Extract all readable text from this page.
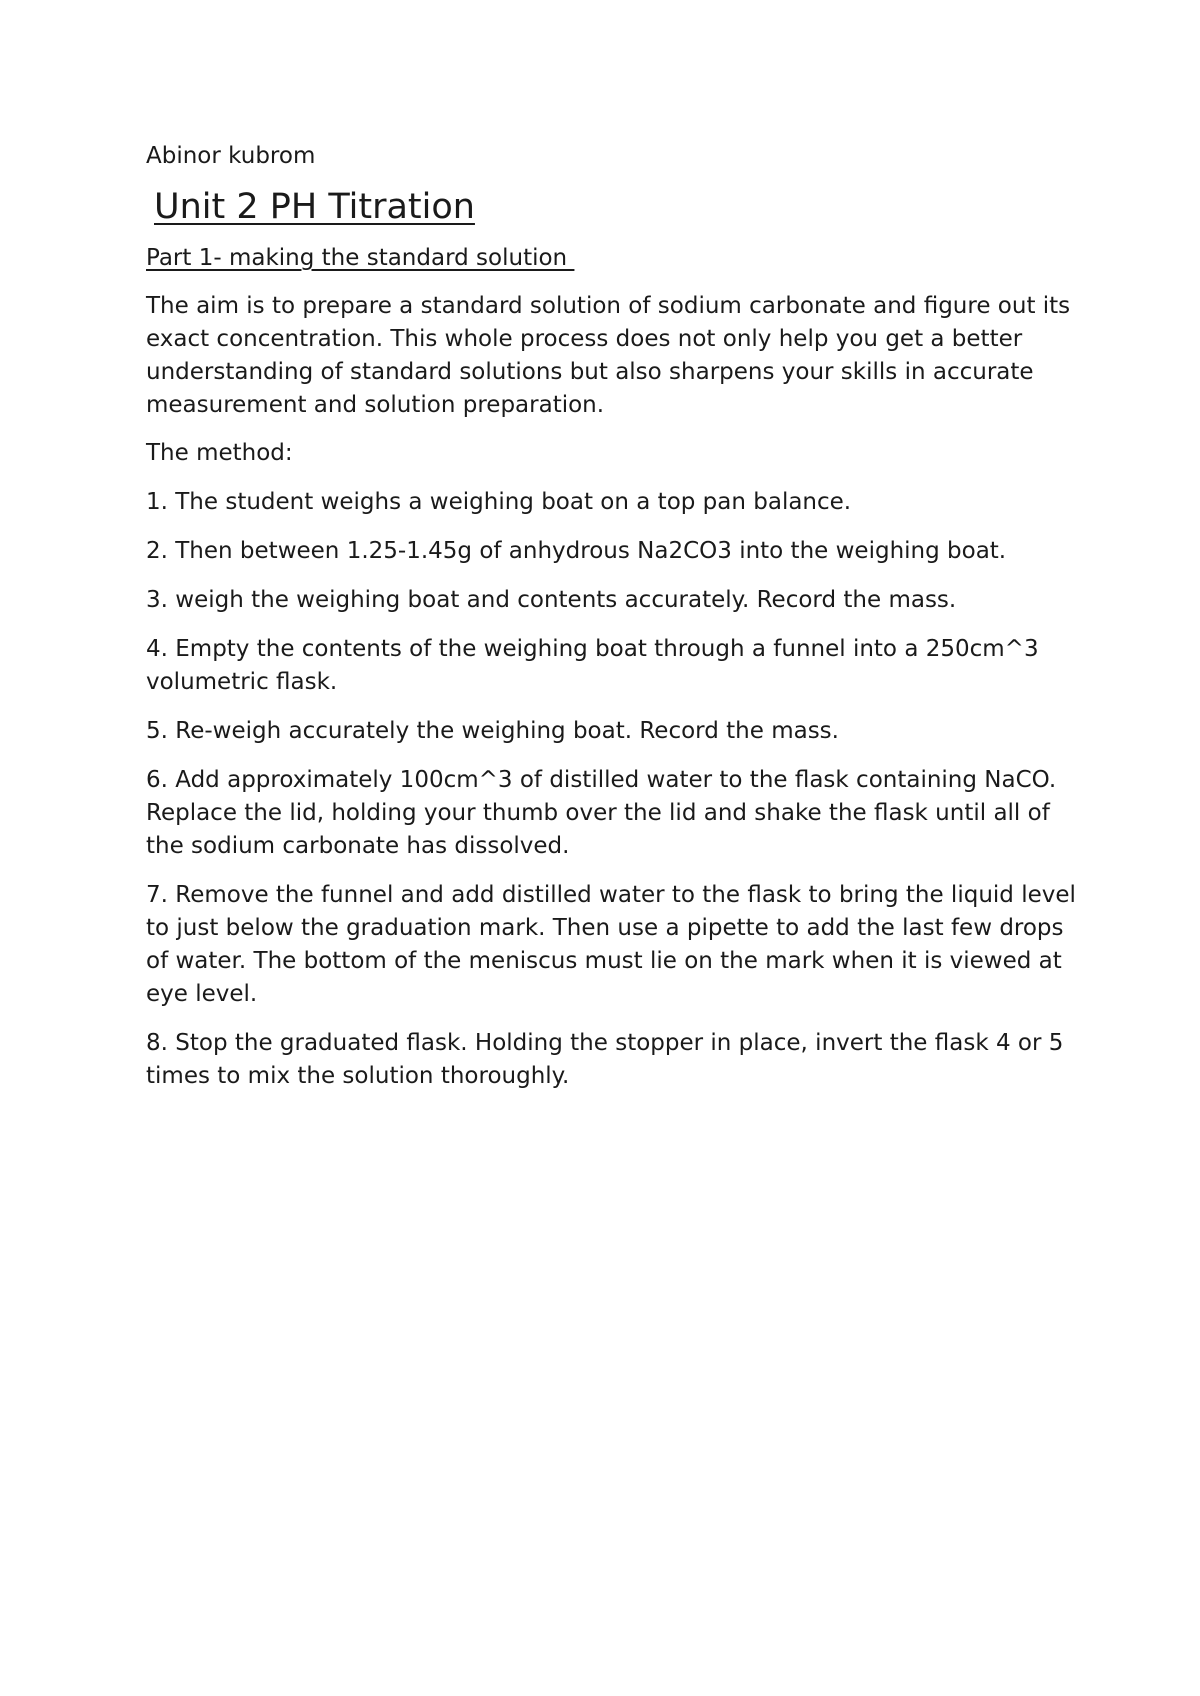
Abinor kubrom

Unit 2 PH Titration
Part 1- making the standard solution

The aim is to prepare a standard solution of sodium carbonate and figure out its exact concentration. This whole process does not only help you get a better understanding of standard solutions but also sharpens your skills in accurate measurement and solution preparation.

The method:

1. The student weighs a weighing boat on a top pan balance.
2. Then between 1.25-1.45g of anhydrous Na2CO3 into the weighing boat.
3. weigh the weighing boat and contents accurately. Record the mass.
4. Empty the contents of the weighing boat through a funnel into a 250cm^3 volumetric flask.
5. Re-weigh accurately the weighing boat. Record the mass.
6. Add approximately 100cm^3 of distilled water to the flask containing NaCO. Replace the lid, holding your thumb over the lid and shake the flask until all of the sodium carbonate has dissolved.
7. Remove the funnel and add distilled water to the flask to bring the liquid level to just below the graduation mark. Then use a pipette to add the last few drops of water. The bottom of the meniscus must lie on the mark when it is viewed at eye level.
8. Stop the graduated flask. Holding the stopper in place, invert the flask 4 or 5 times to mix the solution thoroughly.
